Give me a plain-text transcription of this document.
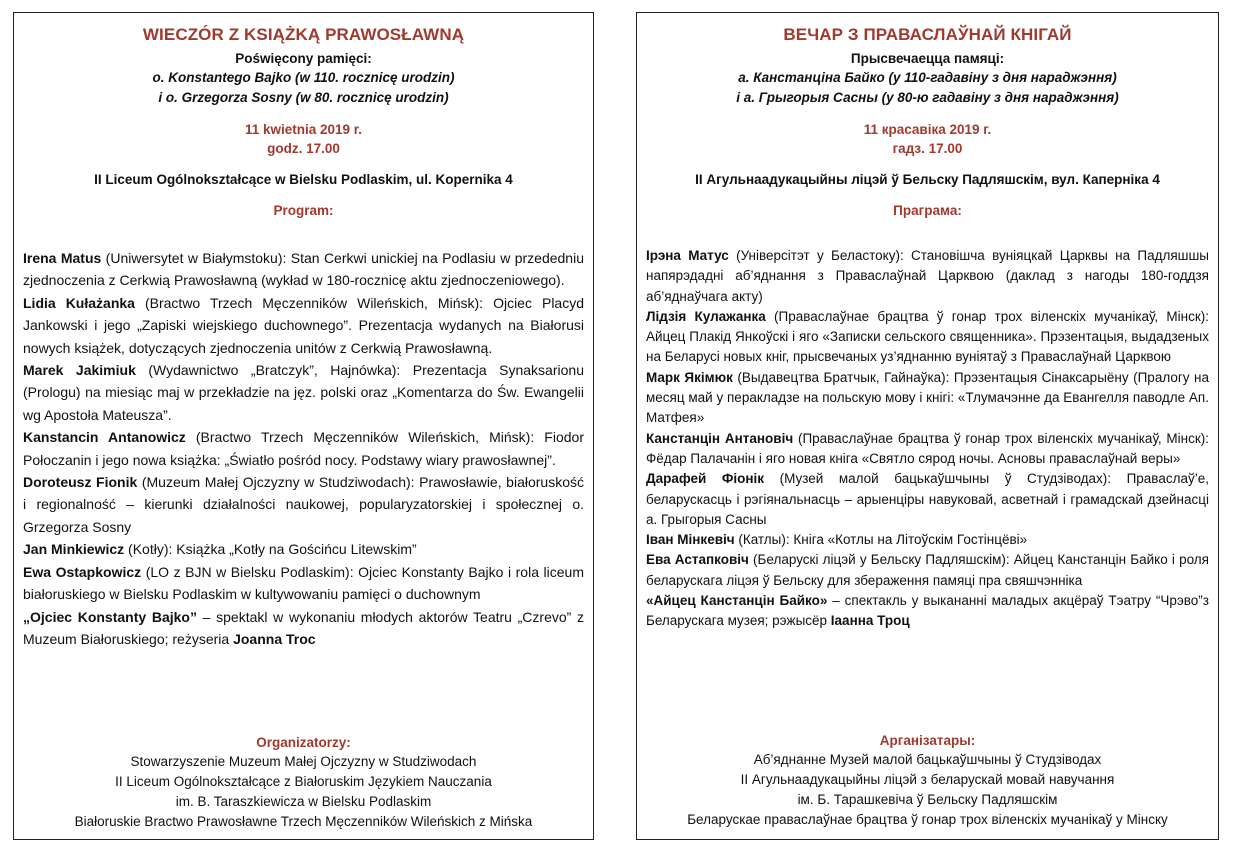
WIECZÓR Z KSIĄŻKĄ PRAWOSŁAWNĄ
Poświęcony pamięci:
o. Konstantego Bajko (w 110. rocznicę urodzin)
i o. Grzegorza Sosny (w 80. rocznicę urodzin)
11 kwietnia 2019 r.
godz. 17.00
II Liceum Ogólnokształcące w Bielsku Podlaskim, ul. Kopernika 4
Program:

Irena Matus (Uniwersytet w Białymstoku): Stan Cerkwi unickiej na Podlasiu w przededniu zjednoczenia z Cerkwią Prawosławną (wykład w 180-rocznicę aktu zjednoczeniowego).

Lidia Kułażanka (Bractwo Trzech Męczenników Wileńskich, Mińsk): Ojciec Placyd Jankowski i jego „Zapiski wiejskiego duchownego”. Prezentacja wydanych na Białorusi nowych książek, dotyczących zjednoczenia unitów z Cerkwią Prawosławną.

Marek Jakimiuk (Wydawnictwo „Bratczyk”, Hajnówka): Prezentacja Synaksarionu (Prologu) na miesiąc maj w przekładzie na jęz. polski oraz „Komentarza do Św. Ewangelii wg Apostoła Mateusza”.

Kanstancin Antanowicz (Bractwo Trzech Męczenników Wileńskich, Mińsk): Fiodor Połoczanin i jego nowa książka: „Światło pośród nocy. Podstawy wiary prawosławnej”.

Doroteusz Fionik (Muzeum Małej Ojczyzny w Studziwodach): Prawosławie, białoruskość i regionalność – kierunki działalności naukowej, popularyzatorskiej i społecznej o. Grzegorza Sosny

Jan Minkiewicz (Kotły): Książka „Kotły na Gościńcu Litewskim”

Ewa Ostapkowicz (LO z BJN w Bielsku Podlaskim): Ojciec Konstanty Bajko i rola liceum białoruskiego w Bielsku Podlaskim w kultywowaniu pamięci o duchownym

„Ojciec Konstanty Bajko” – spektakl w wykonaniu młodych aktorów Teatru „Czrevo” z Muzeum Białoruskiego; reżyseria Joanna Troc

Organizatorzy:
Stowarzyszenie Muzeum Małej Ojczyzny w Studziwodach
II Liceum Ogólnokształcące z Białoruskim Językiem Nauczania
im. B. Taraszkiewicza w Bielsku Podlaskim
Białoruskie Bractwo Prawosławne Trzech Męczenników Wileńskich z Mińska
ВЕЧАР З ПРАВАСЛАЎНАЙ КНІГАЙ
Прысвечаецца памяці:
а. Канстанціна Байко (у 110-гадавіну з дня нараджэння)
і а. Грыгорыя Сасны (у 80-ю гадавіну з дня нараджэння)
11 красавіка 2019 г.
гадз. 17.00
ІІ Агульнаадукацыйны ліцэй ў Бельску Падляшскім, вул. Каперніка 4
Праграма:

Ірэна Матус (Універсітэт у Беластоку): Становішча вуніяцкай Царквы на Падляшшы напярэдадні аб’яднання з Праваслаўнай Царквою (даклад з нагоды 180-годдзя аб’яднаўчага акту)

Лідзія Кулажанка (Праваслаўнае брацтва ў гонар трох віленскіх мучанікаў, Мінск): Айцец Плакід Янкоўскі і яго «Записки сельского священника». Прэзентацыя, выдадзеных на Беларусі новых кніг, прысвечаных уз’яднанню вуніятаў з Праваслаўнай Царквою

Марк Якімюк (Выдавецтва Братчык, Гайнаўка): Прэзентацыя Сінаксарыёну (Пралогу на месяц май у перакладзе на польскую мову і кнігі: «Тлумачэнне да Евангелля паводле Ап. Матфея»

Канстанцін Антановіч (Праваслаўнае брацтва ў гонар трох віленскіх мучанікаў, Мінск): Фёдар Палачанін і яго новая кніга «Святло сярод ночы. Асновы праваслаўнай веры»

Дарафей Фіонік (Музей малой бацькаўшчыны ў Студзіводах): Праваслаў’е, беларускасць і рэгіянальнасць – арыенціры навуковай, асветнай і грамадскай дзейнасці а. Грыгорыя Сасны

Іван Мінкевіч (Катлы): Кніга «Котлы на Літоўскім Гостінцёві»

Ева Астапковіч (Беларускі ліцэй у Бельску Падляшскім): Айцец Канстанцін Байко і роля беларускага ліцэя ў Бельску для збераження памяці пра свяшчэнніка

«Айцец Канстанцін Байко» – спектакль у выкананні маладых акцёраў Тэатру “Чрэво”з Беларускага музея; рэжысёр Іаанна Троц

Арганізатары:
Аб’яднанне Музей малой бацькаўшчыны ў Студзіводах
ІІ Агульнаадукацыйны ліцэй з беларускай мовай навучання
ім. Б. Тарашкевіча ў Бельску Падляшскім
Беларускае праваслаўнае брацтва ў гонар трох віленскіх мучанікаў у Мінску
